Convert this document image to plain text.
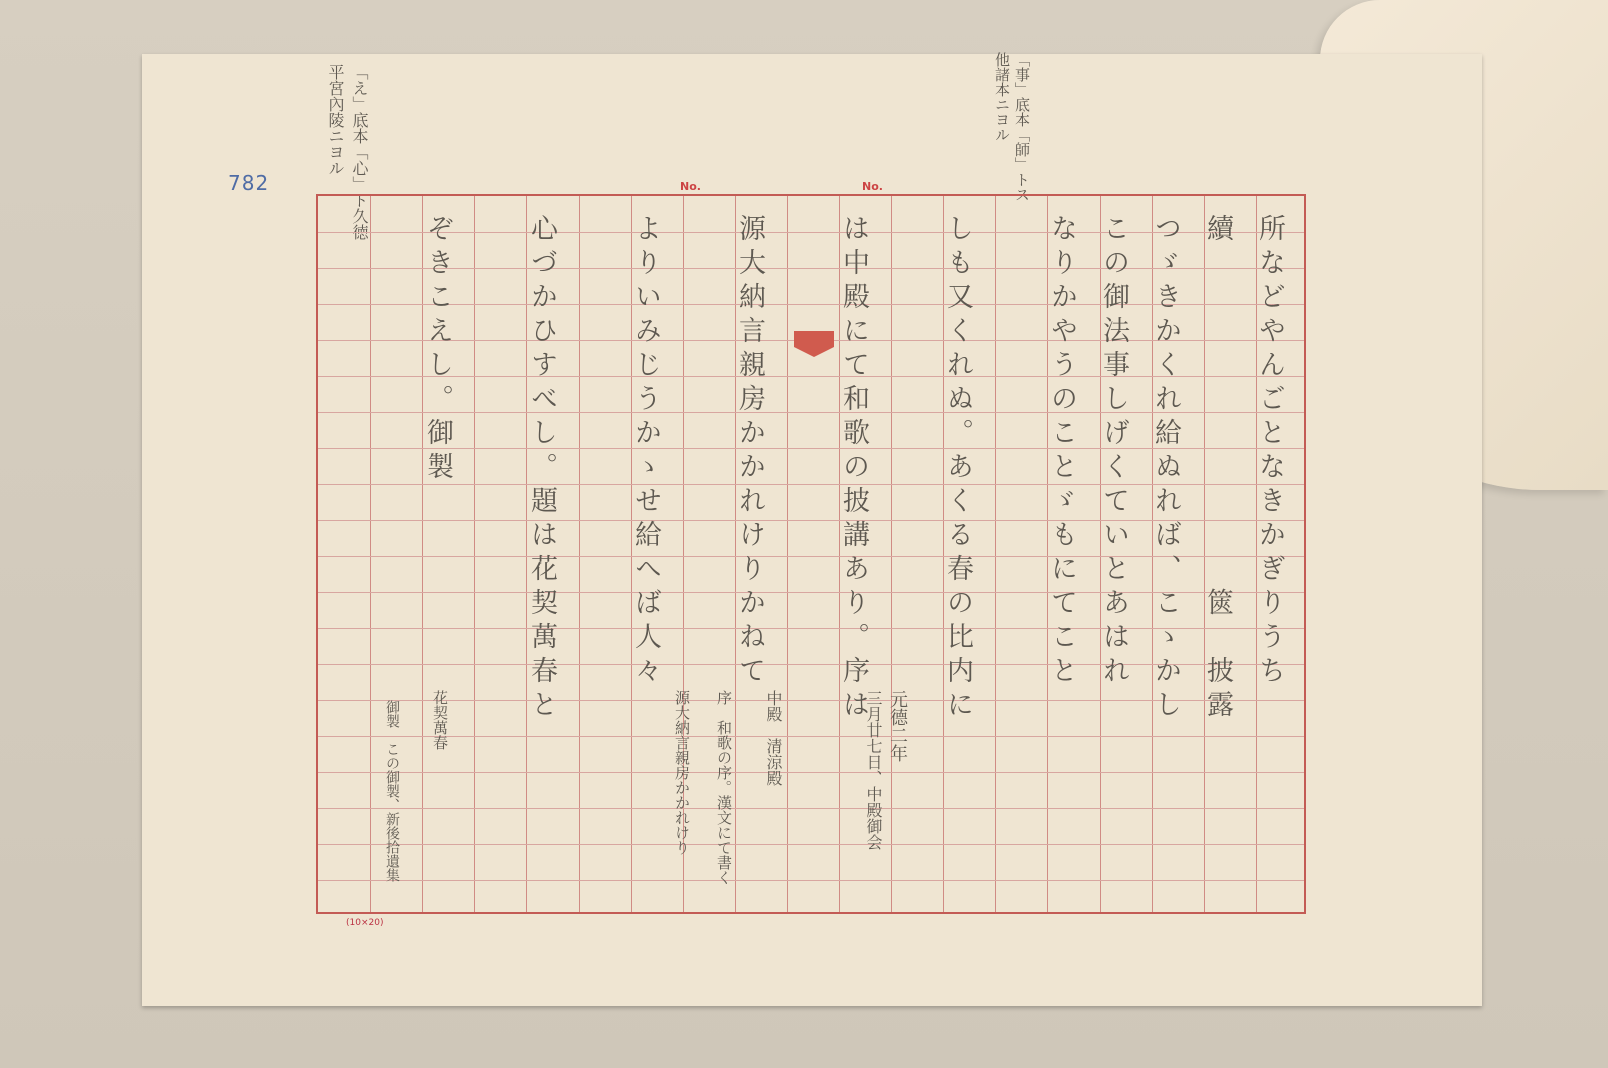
782	「え」底本「心」ト久徳
平宮內陵ニヨル	「事」底本「師」トス
他諸本ニヨル
No.	No.
(10×20)
所などやんごとなきかぎりうち
續　　　　　　　　　　篋　披露
つゞきかくれ給ぬれば、こゝかし
この御法事しげくていとあはれ
なりかやうのことゞもにてこと
しも又くれぬ。あくる春の比内に
は中殿にて和歌の披講あり。序は
源大納言親房かかれけりかねて
よりいみじうかゝせ給へば人々
心づかひすべし。題は花契萬春と
ぞきこえし。御製
元德二年
三月廿七日、中殿御会
中殿　清涼殿
序　和歌の序。漢文にて書く
源大納言親房かかれけり
花契萬春
御製　この御製、新後拾遺集
